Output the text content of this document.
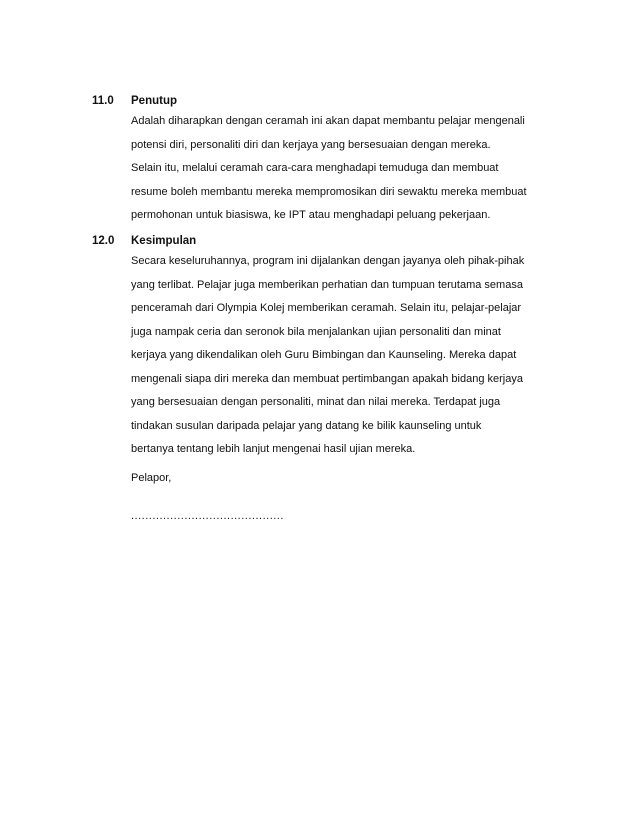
11.0 Penutup
Adalah diharapkan dengan ceramah ini akan dapat membantu pelajar mengenali
potensi diri, personaliti diri dan kerjaya yang bersesuaian dengan mereka.
Selain itu, melalui ceramah cara-cara menghadapi temuduga dan membuat
resume boleh membantu mereka mempromosikan diri sewaktu mereka membuat
permohonan untuk biasiswa, ke IPT atau menghadapi peluang pekerjaan.
12.0 Kesimpulan
Secara keseluruhannya, program ini dijalankan dengan jayanya oleh pihak-pihak
yang terlibat. Pelajar juga memberikan perhatian dan tumpuan terutama semasa
penceramah dari Olympia Kolej memberikan ceramah. Selain itu, pelajar-pelajar
juga nampak ceria dan seronok bila menjalankan ujian personaliti dan minat
kerjaya yang dikendalikan oleh Guru Bimbingan dan Kaunseling. Mereka dapat
mengenali siapa diri mereka dan membuat pertimbangan apakah bidang kerjaya
yang bersesuaian dengan personaliti, minat dan nilai mereka. Terdapat juga
tindakan susulan daripada pelajar yang datang ke bilik kaunseling untuk
bertanya tentang lebih lanjut mengenai hasil ujian mereka.
Pelapor,
...........................................
